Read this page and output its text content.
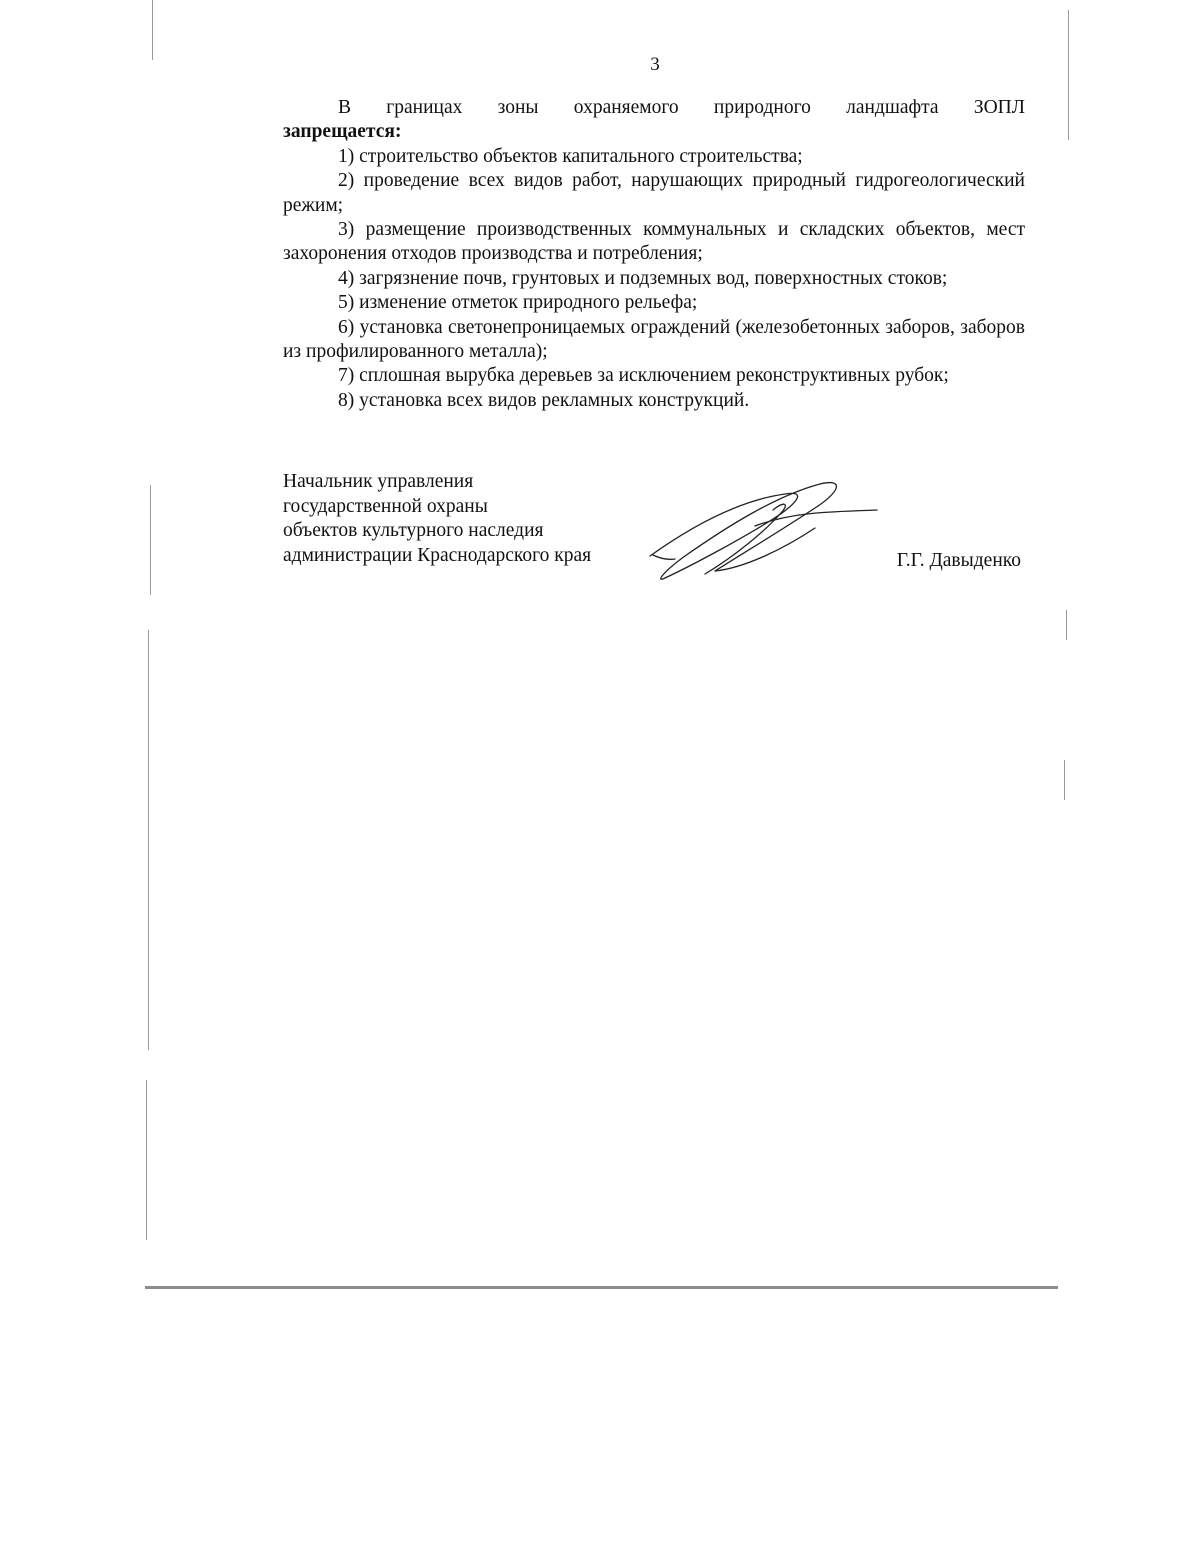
3

В границах зоны охраняемого природного ландшафта ЗОПЛ

запрещается:

1) строительство объектов капитального строительства;

2) проведение всех видов работ, нарушающих природный гидрогеологический режим;

3) размещение производственных коммунальных и складских объектов, мест захоронения отходов производства и потребления;

4) загрязнение почв, грунтовых и подземных вод, поверхностных стоков;

5) изменение отметок природного рельефа;

6) установка светонепроницаемых ограждений (железобетонных заборов, заборов из профилированного металла);

7) сплошная вырубка деревьев за исключением реконструктивных рубок;

8) установка всех видов рекламных конструкций.

Начальник управления
государственной охраны
объектов культурного наследия
администрации Краснодарского края	Г.Г. Давыденко
